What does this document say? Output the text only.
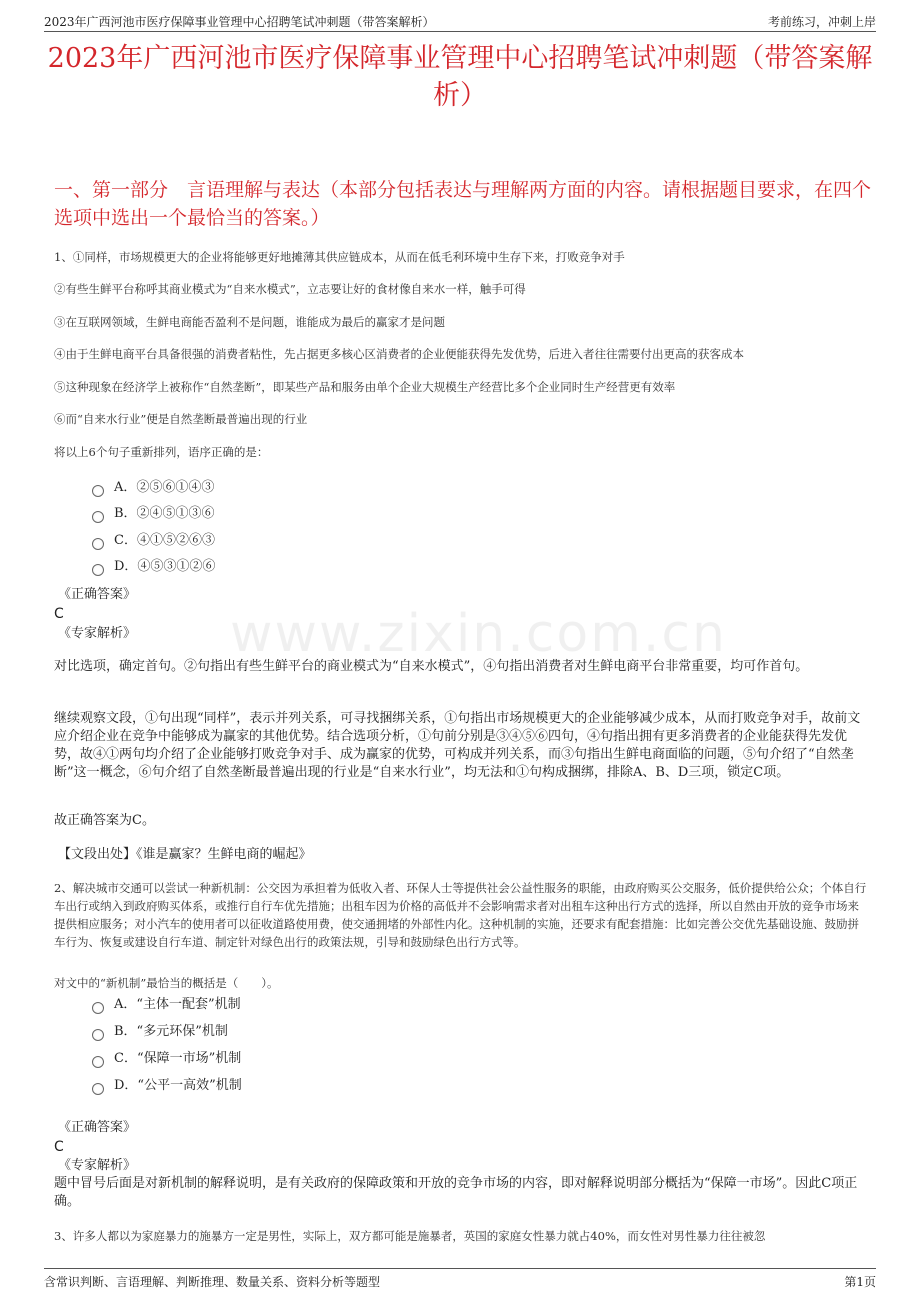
2023年广西河池市医疗保障事业管理中心招聘笔试冲刺题（带答案解析）	考前练习，冲刺上岸
2023年广西河池市医疗保障事业管理中心招聘笔试冲刺题（带答案解析）
一、第一部分　言语理解与表达（本部分包括表达与理解两方面的内容。请根据题目要求，在四个选项中选出一个最恰当的答案。）
1、①同样，市场规模更大的企业将能够更好地摊薄其供应链成本，从而在低毛利环境中生存下来，打败竞争对手
②有些生鲜平台称呼其商业模式为“自来水模式”，立志要让好的食材像自来水一样，触手可得
③在互联网领域，生鲜电商能否盈利不是问题，谁能成为最后的赢家才是问题
④由于生鲜电商平台具备很强的消费者粘性，先占据更多核心区消费者的企业便能获得先发优势，后进入者往往需要付出更高的获客成本
⑤这种现象在经济学上被称作“自然垄断”，即某些产品和服务由单个企业大规模生产经营比多个企业同时生产经营更有效率
⑥而“自来水行业”便是自然垄断最普遍出现的行业
将以上6个句子重新排列，语序正确的是：
A．②⑤⑥①④③
B．②④⑤①③⑥
C．④①⑤②⑥③
D．④⑤③①②⑥
《正确答案》
C
《专家解析》 www.zixin.com.cn
对比选项，确定首句。②句指出有些生鲜平台的商业模式为“自来水模式”，④句指出消费者对生鲜电商平台非常重要，均可作首句。
继续观察文段，①句出现“同样”，表示并列关系，可寻找捆绑关系，①句指出市场规模更大的企业能够减少成本，从而打败竞争对手，故前文应介绍企业在竞争中能够成为赢家的其他优势。结合选项分析，①句前分别是③④⑤⑥四句，④句指出拥有更多消费者的企业能获得先发优势，故④①两句均介绍了企业能够打败竞争对手、成为赢家的优势，可构成并列关系，而③句指出生鲜电商面临的问题，⑤句介绍了“自然垄断”这一概念，⑥句介绍了自然垄断最普遍出现的行业是“自来水行业”，均无法和①句构成捆绑，排除A、B、D三项，锁定C项。
故正确答案为C。
【文段出处】《谁是赢家？生鲜电商的崛起》
2、解决城市交通可以尝试一种新机制：公交因为承担着为低收入者、环保人士等提供社会公益性服务的职能，由政府购买公交服务，低价提供给公众；个体自行车出行或纳入到政府购买体系，或推行自行车优先措施；出租车因为价格的高低并不会影响需求者对出租车这种出行方式的选择，所以自然由开放的竞争市场来提供相应服务；对小汽车的使用者可以征收道路使用费，使交通拥堵的外部性内化。这种机制的实施，还要求有配套措施：比如完善公交优先基础设施、鼓励拼车行为、恢复或建设自行车道、制定针对绿色出行的政策法规，引导和鼓励绿色出行方式等。
对文中的“新机制”最恰当的概括是（　　）。
A．“主体一配套”机制
B．“多元环保”机制
C．“保障一市场”机制
D．“公平一高效”机制
《正确答案》
C
《专家解析》
题中冒号后面是对新机制的解释说明，是有关政府的保障政策和开放的竞争市场的内容，即对解释说明部分概括为“保障一市场”。因此C项正确。
3、许多人都以为家庭暴力的施暴方一定是男性，实际上，双方都可能是施暴者，英国的家庭女性暴力就占40%，而女性对男性暴力往往被忽
含常识判断、言语理解、判断推理、数量关系、资料分析等题型	第1页
